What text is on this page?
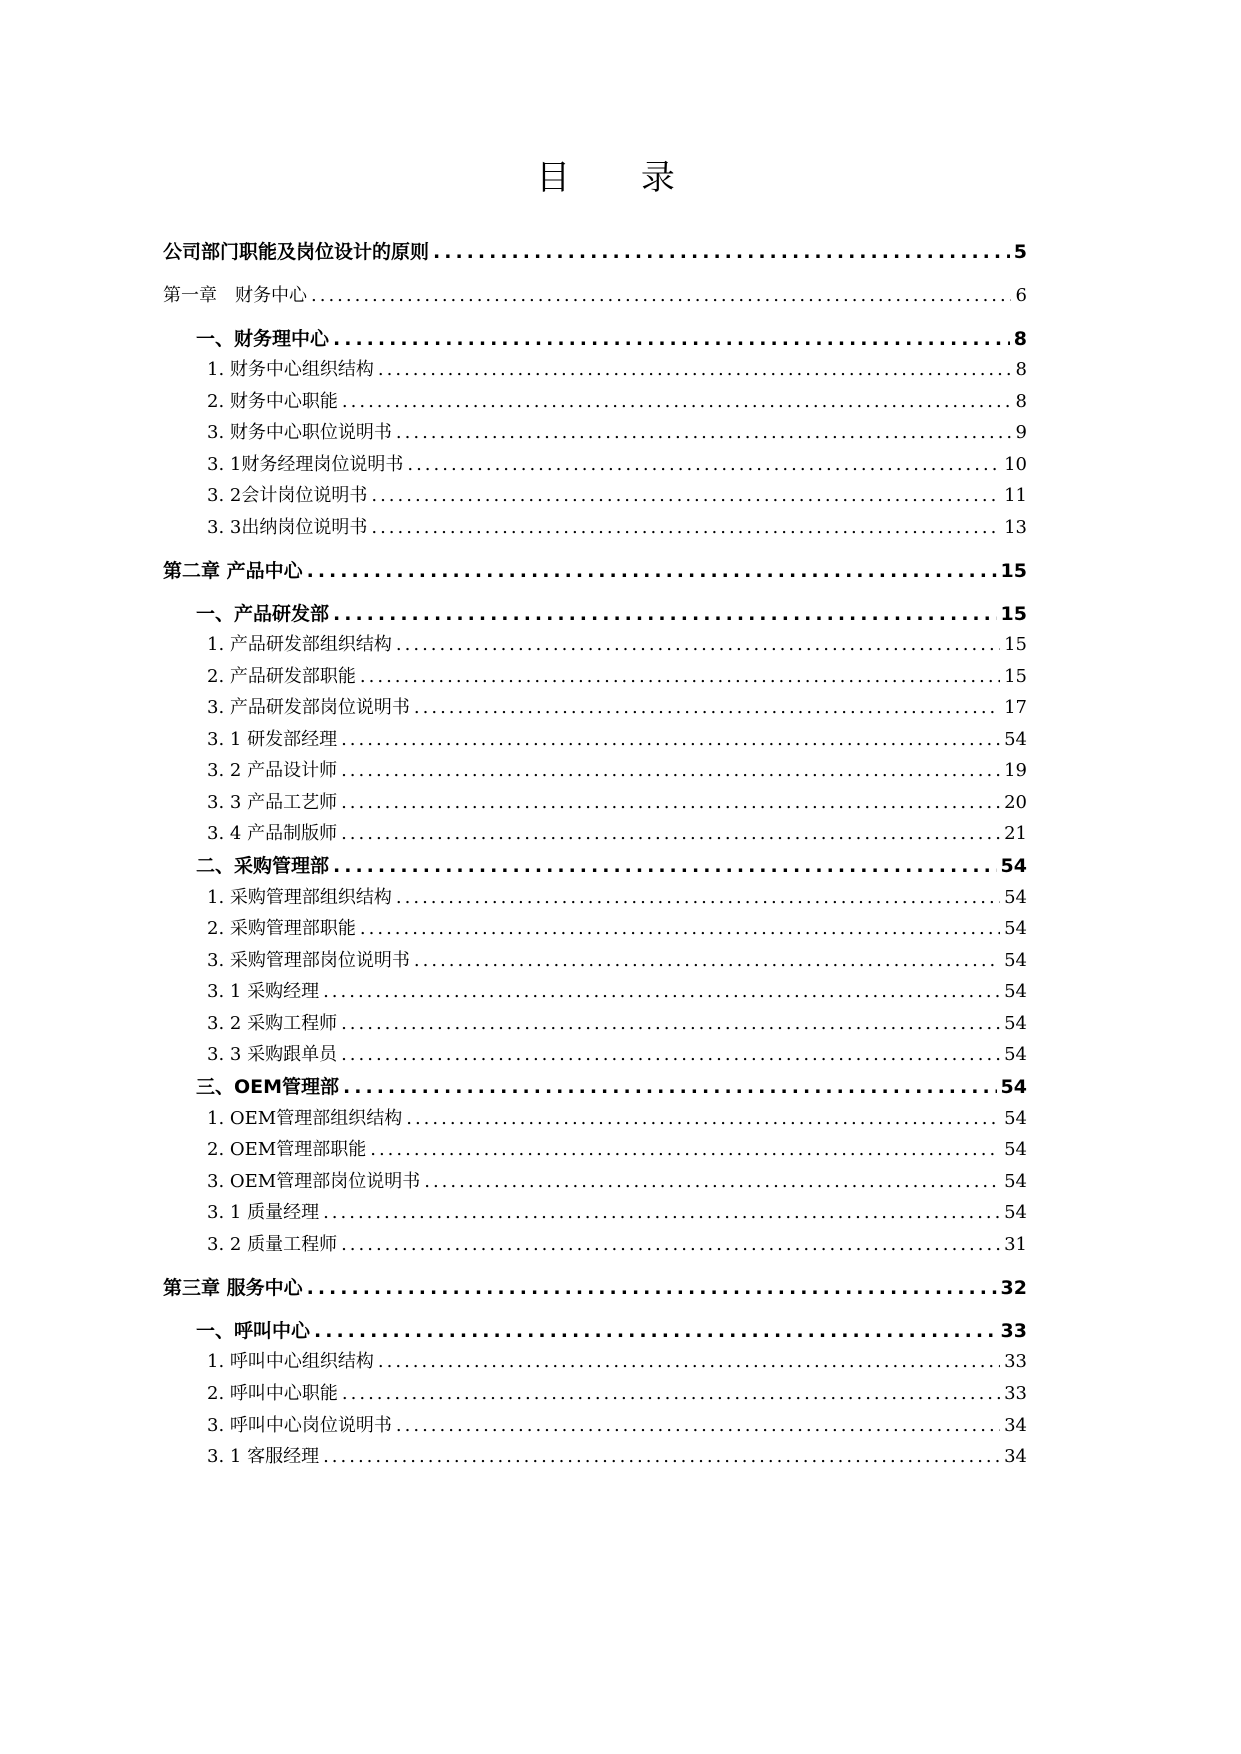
目 录
公司部门职能及岗位设计的原则 .....	5
第一章　财务中心 .....	6
一、财务理中心 .....	8
1. 财务中心组织结构 .....	8
2. 财务中心职能 .....	8
3. 财务中心职位说明书 .....	9
3. 1财务经理岗位说明书 .....	10
3. 2会计岗位说明书 .....	11
3. 3出纳岗位说明书 .....	13
第二章 产品中心 .....	15
一、产品研发部 .....	15
1. 产品研发部组织结构 .....	15
2. 产品研发部职能 .....	15
3. 产品研发部岗位说明书 .....	17
3. 1 研发部经理 .....	54
3. 2 产品设计师 .....	19
3. 3 产品工艺师 .....	20
3. 4 产品制版师 .....	21
二、采购管理部 .....	54
1. 采购管理部组织结构 .....	54
2. 采购管理部职能 .....	54
3. 采购管理部岗位说明书 .....	54
3. 1 采购经理 .....	54
3. 2 采购工程师 .....	54
3. 3 采购跟单员 .....	54
三、OEM管理部 .....	54
1. OEM管理部组织结构 .....	54
2. OEM管理部职能 .....	54
3. OEM管理部岗位说明书 .....	54
3. 1 质量经理 .....	54
3. 2 质量工程师 .....	31
第三章 服务中心 .....	32
一、呼叫中心 .....	33
1. 呼叫中心组织结构 .....	33
2. 呼叫中心职能 .....	33
3. 呼叫中心岗位说明书 .....	34
3. 1 客服经理 .....	34
